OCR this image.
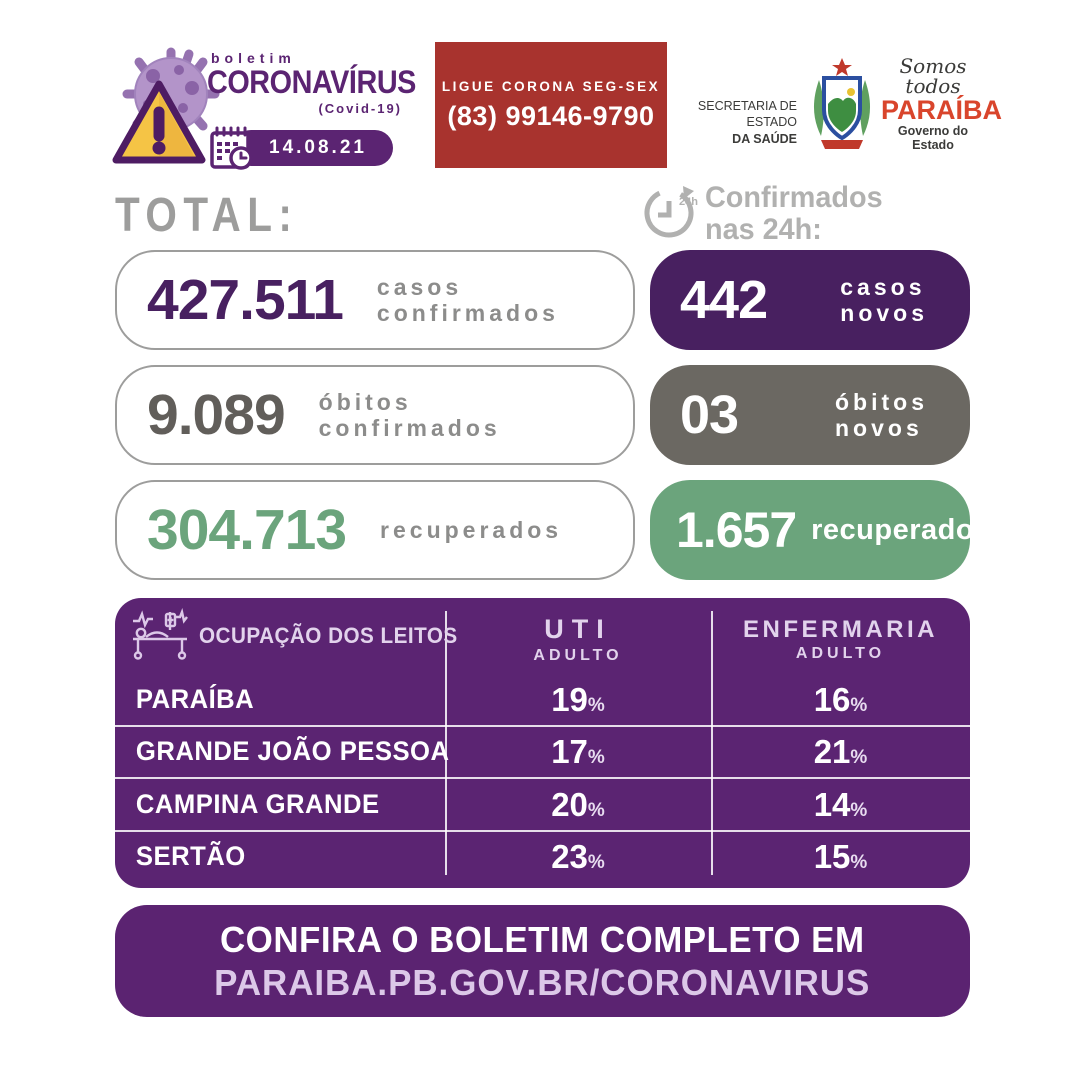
boletim
CORONAVÍRUS
(Covid-19)
14.08.21
LIGUE CORONA SEG-SEX
(83) 99146-9790	SECRETARIA DE ESTADO
DA SAÚDE
Somos todos
PARAÍBA
Governo do Estado
TOTAL:	24h Confirmados
nas 24h:
427.511 casos
confirmados 442	casos
novos
9.089 óbitos
confirmados	03	óbitos
novos
304.713 recuperados 1.657 recuperados
OCUPAÇÃO DOS LEITOS	UTI
ADULTO
ENFERMARIA
ADULTO
PARAÍBA	19%	16%
GRANDE JOÃO PESSOA	17%	21%
CAMPINA GRANDE	20%	14%
SERTÃO	23%	15%
CONFIRA O BOLETIM COMPLETO EM
PARAIBA.PB.GOV.BR/CORONAVIRUS
